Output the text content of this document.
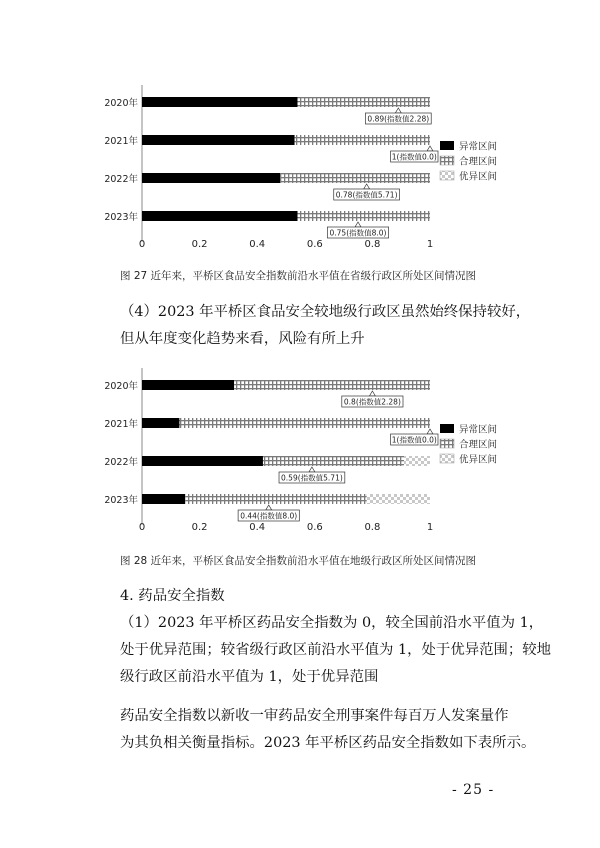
2020年
0.89(指数值2.28)
2021年
1(指数值0.0)
2022年
0.78(指数值5.71)
2023年
0.75(指数值8.0)
0	0.2	0.4	0.6	0.8	1
异常区间
合理区间
优异区间
图 27 近年来，平桥区食品安全指数前沿水平值在省级行政区所处区间情况图
（4）2023 年平桥区食品安全较地级行政区虽然始终保持较好，
但从年度变化趋势来看，风险有所上升
2020年
0.8(指数值2.28)
2021年
1(指数值0.0)
2022年
0.59(指数值5.71)
2023年
0.44(指数值8.0)
0	0.2	0.4	0.6	0.8	1
异常区间
合理区间
优异区间
图 28 近年来，平桥区食品安全指数前沿水平值在地级行政区所处区间情况图
4. 药品安全指数
（1）2023 年平桥区药品安全指数为 0，较全国前沿水平值为 1，
处于优异范围；较省级行政区前沿水平值为 1，处于优异范围；较地
级行政区前沿水平值为 1，处于优异范围
药品安全指数以新收一审药品安全刑事案件每百万人发案量作
为其负相关衡量指标。2023 年平桥区药品安全指数如下表所示。
- 25 -
